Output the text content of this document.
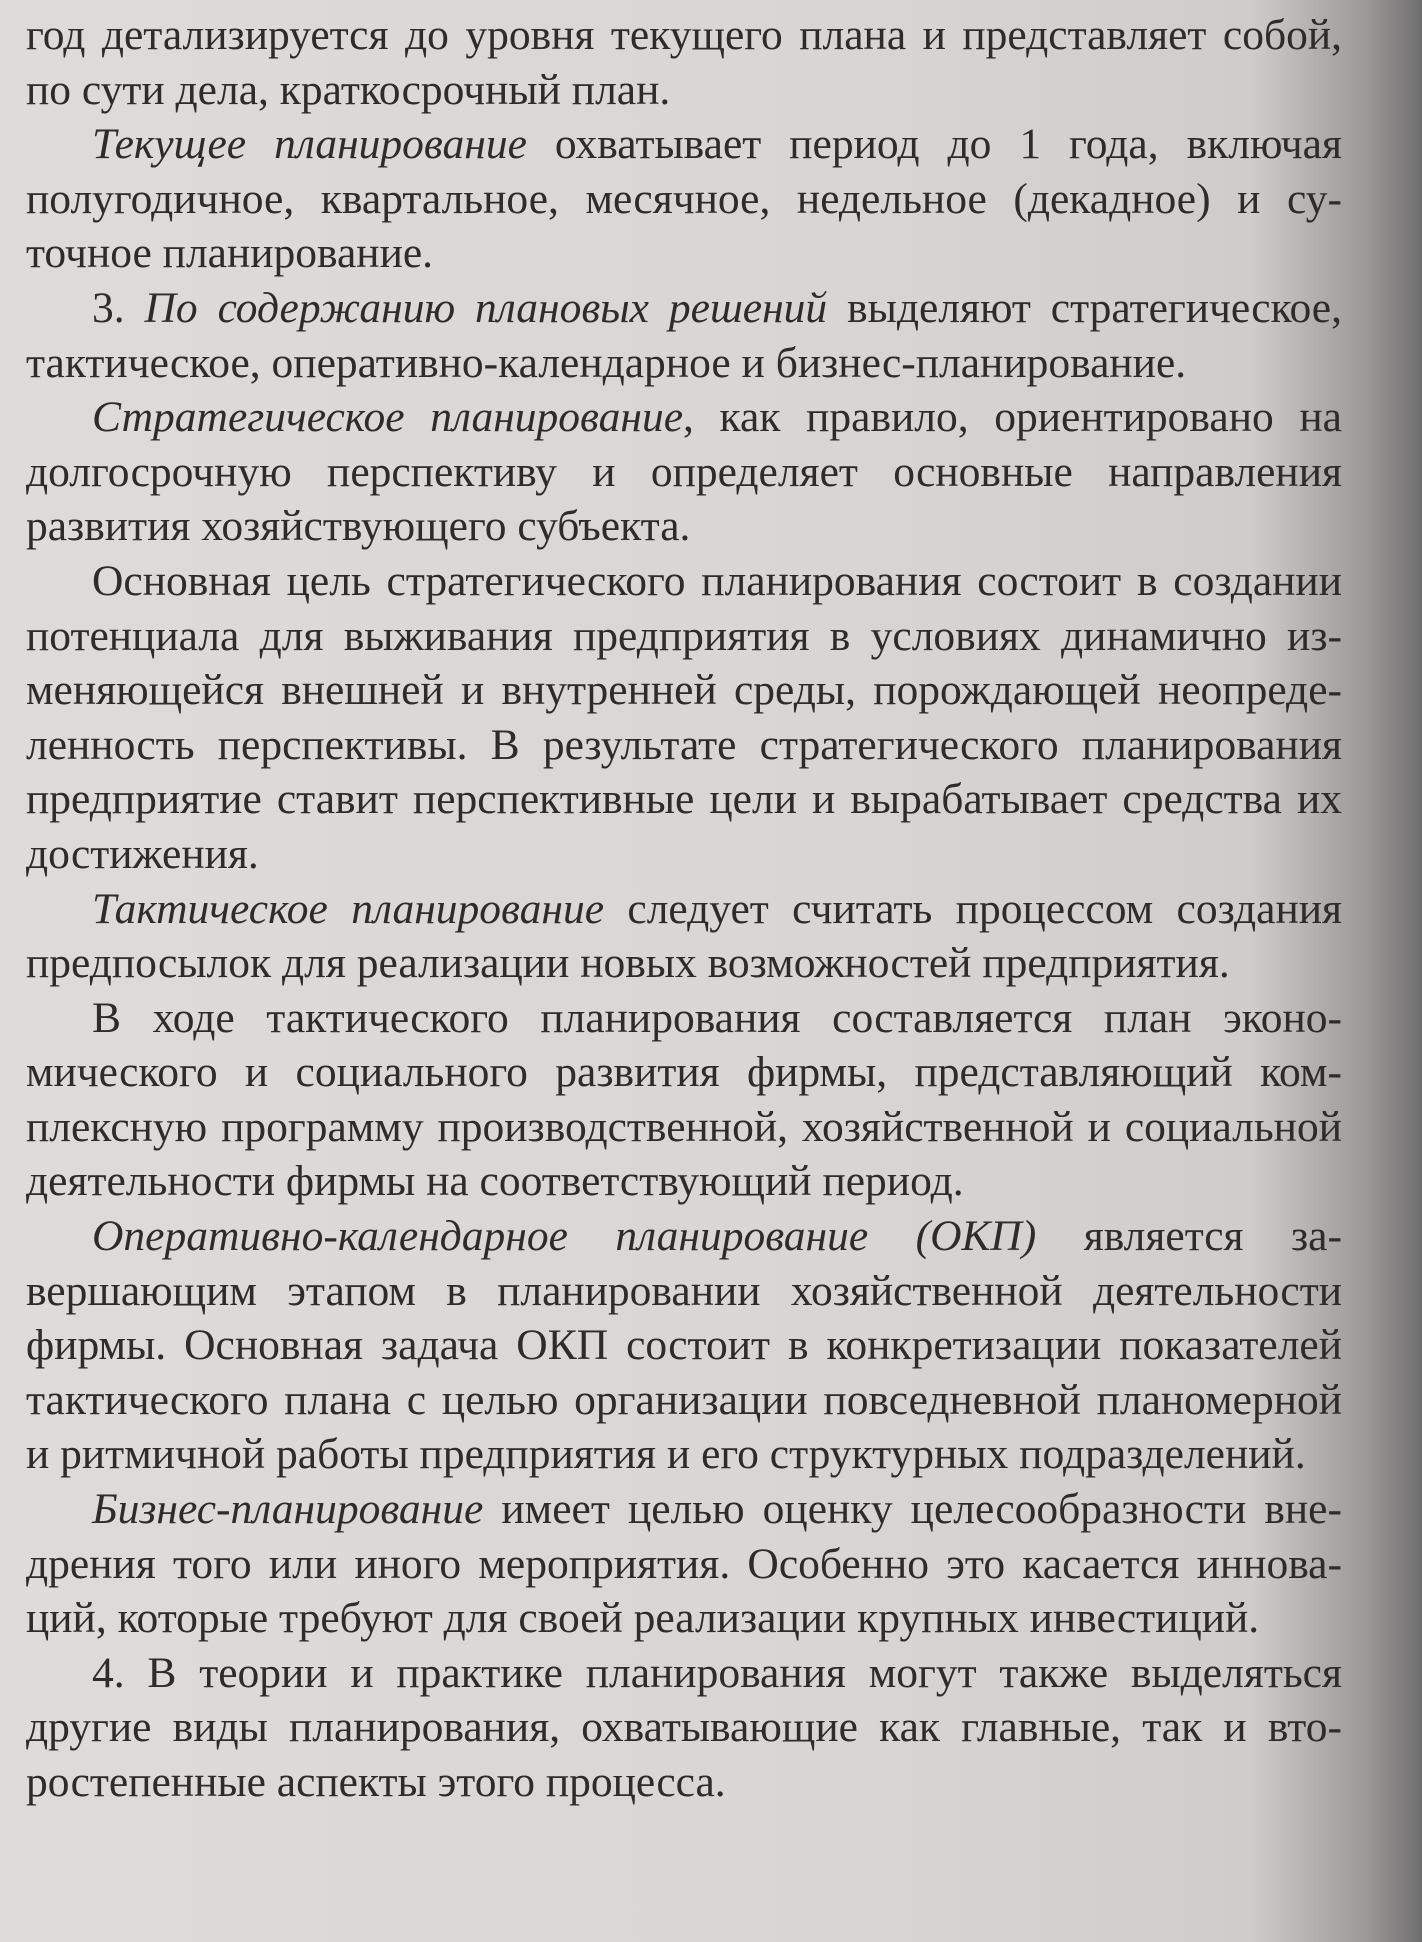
год детализируется до уровня текущего плана и представляет собой, по сути дела, краткосрочный план.

Текущее планирование охватывает период до 1 года, включая полугодичное, квартальное, месячное, недельное (декадное) и суточное планирование.

3. По содержанию плановых решений выделяют стратегическое, тактическое, оперативно-календарное и бизнес-планирование.

Стратегическое планирование, как правило, ориентировано на долгосрочную перспективу и определяет основные направления развития хозяйствующего субъекта.

Основная цель стратегического планирования состоит в создании потенциала для выживания предприятия в условиях динамично изменяющейся внешней и внутренней среды, порождающей неопределенность перспективы. В результате стратегического планирования предприятие ставит перспективные цели и вырабатывает средства их достижения.

Тактическое планирование следует считать процессом создания предпосылок для реализации новых возможностей предприятия.

В ходе тактического планирования составляется план экономического и социального развития фирмы, представляющий комплексную программу производственной, хозяйственной и социальной деятельности фирмы на соответствующий период.

Оперативно-календарное планирование (ОКП) является завершающим этапом в планировании хозяйственной деятельности фирмы. Основная задача ОКП состоит в конкретизации показателей тактического плана с целью организации повседневной планомерной и ритмичной работы предприятия и его структурных подразделений.

Бизнес-планирование имеет целью оценку целесообразности внедрения того или иного мероприятия. Особенно это касается инноваций, которые требуют для своей реализации крупных инвестиций.

4. В теории и практике планирования могут также выделяться другие виды планирования, охватывающие как главные, так и второстепенные аспекты этого процесса.
